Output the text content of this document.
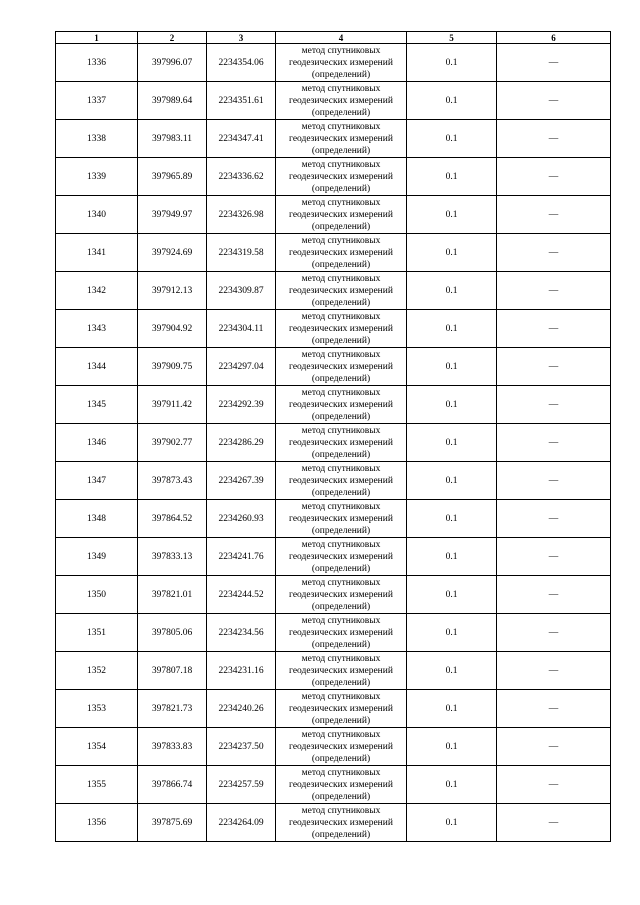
1	2	3	4	5	6
1336	397996.07	2234354.06	метод спутниковых
геодезических измерений
(определений)	0.1	—
1337	397989.64	2234351.61	метод спутниковых
геодезических измерений
(определений)	0.1	—
1338	397983.11	2234347.41	метод спутниковых
геодезических измерений
(определений)	0.1	—
1339	397965.89	2234336.62	метод спутниковых
геодезических измерений
(определений)	0.1	—
1340	397949.97	2234326.98	метод спутниковых
геодезических измерений
(определений)	0.1	—
1341	397924.69	2234319.58	метод спутниковых
геодезических измерений
(определений)	0.1	—
1342	397912.13	2234309.87	метод спутниковых
геодезических измерений
(определений)	0.1	—
1343	397904.92	2234304.11	метод спутниковых
геодезических измерений
(определений)	0.1	—
1344	397909.75	2234297.04	метод спутниковых
геодезических измерений
(определений)	0.1	—
1345	397911.42	2234292.39	метод спутниковых
геодезических измерений
(определений)	0.1	—
1346	397902.77	2234286.29	метод спутниковых
геодезических измерений
(определений)	0.1	—
1347	397873.43	2234267.39	метод спутниковых
геодезических измерений
(определений)	0.1	—
1348	397864.52	2234260.93	метод спутниковых
геодезических измерений
(определений)	0.1	—
1349	397833.13	2234241.76	метод спутниковых
геодезических измерений
(определений)	0.1	—
1350	397821.01	2234244.52	метод спутниковых
геодезических измерений
(определений)	0.1	—
1351	397805.06	2234234.56	метод спутниковых
геодезических измерений
(определений)	0.1	—
1352	397807.18	2234231.16	метод спутниковых
геодезических измерений
(определений)	0.1	—
1353	397821.73	2234240.26	метод спутниковых
геодезических измерений
(определений)	0.1	—
1354	397833.83	2234237.50	метод спутниковых
геодезических измерений
(определений)	0.1	—
1355	397866.74	2234257.59	метод спутниковых
геодезических измерений
(определений)	0.1	—
1356	397875.69	2234264.09	метод спутниковых
геодезических измерений
(определений)	0.1	—
